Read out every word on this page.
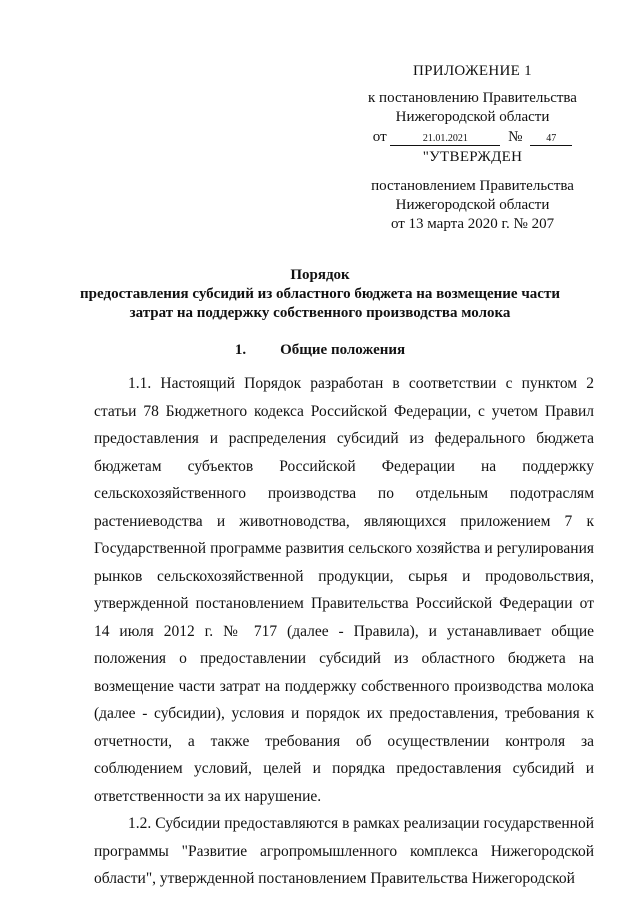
ПРИЛОЖЕНИЕ 1
к постановлению Правительства
Нижегородской области
от	21.01.2021	№ 47
"УТВЕРЖДЕН
постановлением Правительства
Нижегородской области
от 13 марта 2020 г. № 207
Порядок
предоставления субсидий из областного бюджета на возмещение части
затрат на поддержку собственного производства молока
1. Общие положения

1.1. Настоящий Порядок разработан в соответствии с пунктом 2 статьи 78 Бюджетного кодекса Российской Федерации, с учетом Правил предоставления и распределения субсидий из федерального бюджета бюджетам субъектов Российской Федерации на поддержку сельскохозяйственного производства по отдельным подотраслям растениеводства и животноводства, являющихся приложением 7 к Государственной программе развития сельского хозяйства и регулирования рынков сельскохозяйственной продукции, сырья и продовольствия, утвержденной постановлением Правительства Российской Федерации от 14 июля 2012 г. № 717 (далее - Правила), и устанавливает общие положения о предоставлении субсидий из областного бюджета на возмещение части затрат на поддержку собственного производства молока (далее - субсидии), условия и порядок их предоставления, требования к отчетности, а также требования об осуществлении контроля за соблюдением условий, целей и порядка предоставления субсидий и ответственности за их нарушение.

1.2. Субсидии предоставляются в рамках реализации государственной программы "Развитие агропромышленного комплекса Нижегородской области", утвержденной постановлением Правительства Нижегородской
